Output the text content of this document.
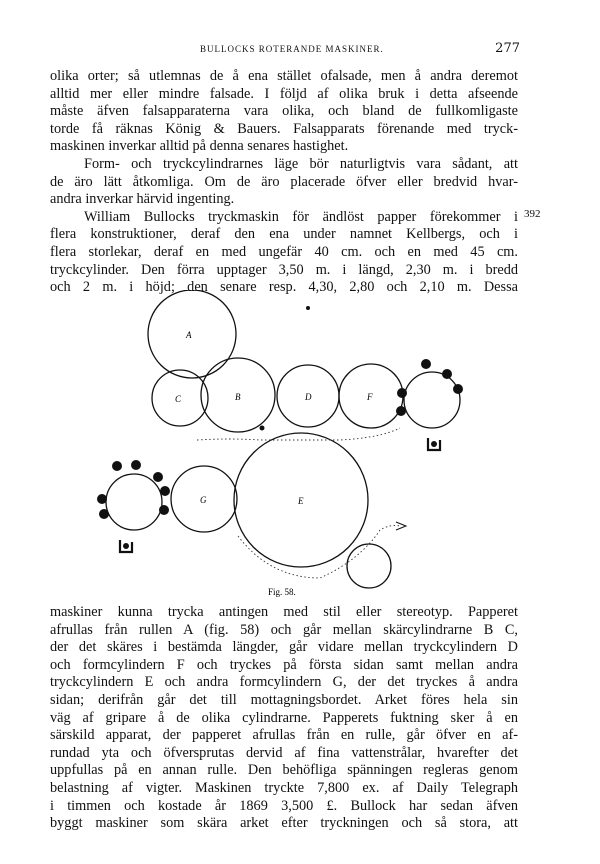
BULLOCKS ROTERANDE MASKINER.	277
olika orter; så utlemnas de å ena stället ofalsade, men å andra deremot
alltid mer eller mindre falsade. I följd af olika bruk i detta afseende
måste äfven falsapparaterna vara olika, och bland de fullkomligaste
torde få räknas König & Bauers. Falsapparats förenande med tryck-
maskinen inverkar alltid på denna senares hastighet.
Form- och tryckcylindrarnes läge bör naturligtvis vara sådant, att
de äro lätt åtkomliga. Om de äro placerade öfver eller bredvid hvar-
andra inverkar härvid ingenting.
William Bullocks tryckmaskin för ändlöst papper förekommer i
flera konstruktioner, deraf den ena under namnet Kellbergs, och i
flera storlekar, deraf en med ungefär 40 cm. och en med 45 cm.
tryckcylinder. Den förra upptager 3,50 m. i längd, 2,30 m. i bredd
och 2 m. i höjd; den senare resp. 4,30, 2,80 och 2,10 m. Dessa
392
A
C	B	D	F
G	E
Fig. 58.
maskiner kunna trycka antingen med stil eller stereotyp. Papperet
afrullas från rullen A (fig. 58) och går mellan skärcylindrarne B C,
der det skäres i bestämda längder, går vidare mellan tryckcylindern D
och formcylindern F och tryckes på första sidan samt mellan andra
tryckcylindern E och andra formcylindern G, der det tryckes å andra
sidan; derifrån går det till mottagningsbordet. Arket föres hela sin
väg af gripare å de olika cylindrarne. Papperets fuktning sker å en
särskild apparat, der papperet afrullas från en rulle, går öfver en af-
rundad yta och öfversprutas dervid af fina vattenstrålar, hvarefter det
uppfullas på en annan rulle. Den behöfliga spänningen regleras genom
belastning af vigter. Maskinen tryckte 7,800 ex. af Daily Telegraph
i timmen och kostade år 1869 3,500 £. Bullock har sedan äfven
byggt maskiner som skära arket efter tryckningen och så stora, att
